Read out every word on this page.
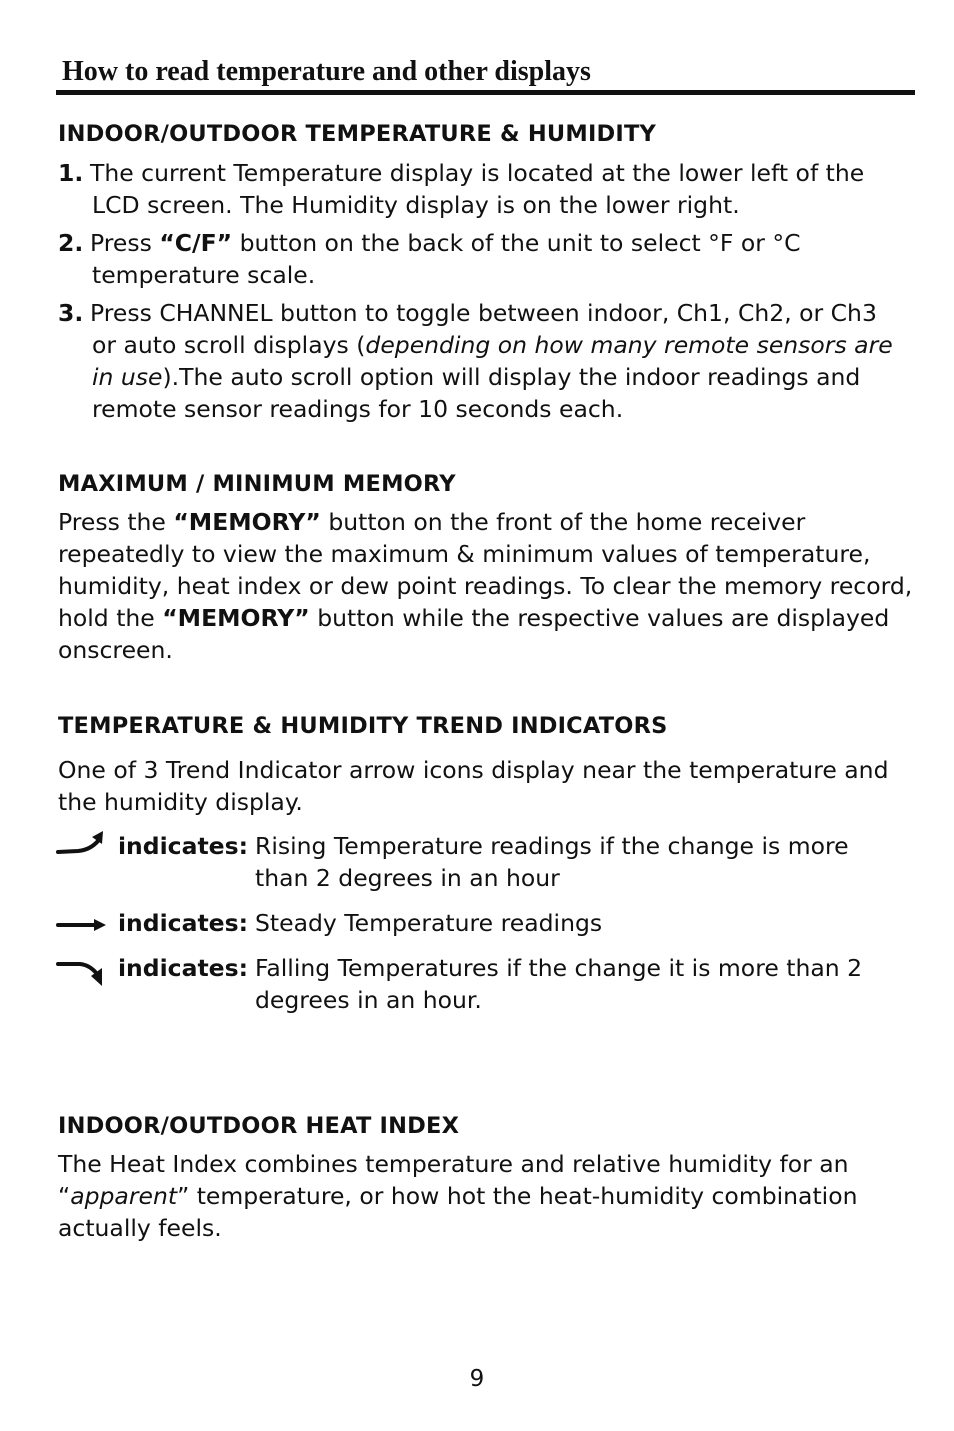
How to read temperature and other displays
INDOOR/OUTDOOR TEMPERATURE & HUMIDITY
1. The current Temperature display is located at the lower left of the
LCD screen. The Humidity display is on the lower right.
2. Press “C/F” button on the back of the unit to select °F or °C
temperature scale.
3. Press CHANNEL button to toggle between indoor, Ch1, Ch2, or Ch3
or auto scroll displays (depending on how many remote sensors are
in use).The auto scroll option will display the indoor readings and
remote sensor readings for 10 seconds each.
MAXIMUM / MINIMUM MEMORY
Press the “MEMORY” button on the front of the home receiver repeatedly to view the maximum & minimum values of temperature, humidity, heat index or dew point readings. To clear the memory record, hold the “MEMORY” button while the respective values are displayed onscreen.
TEMPERATURE & HUMIDITY TREND INDICATORS
One of 3 Trend Indicator arrow icons display near the temperature and the humidity display.
indicates: Rising Temperature readings if the change is more
than 2 degrees in an hour
indicates: Steady Temperature readings
indicates: Falling Temperatures if the change it is more than 2
degrees in an hour.
INDOOR/OUTDOOR HEAT INDEX
The Heat Index combines temperature and relative humidity for an “apparent” temperature, or how hot the heat-humidity combination actually feels.
9
